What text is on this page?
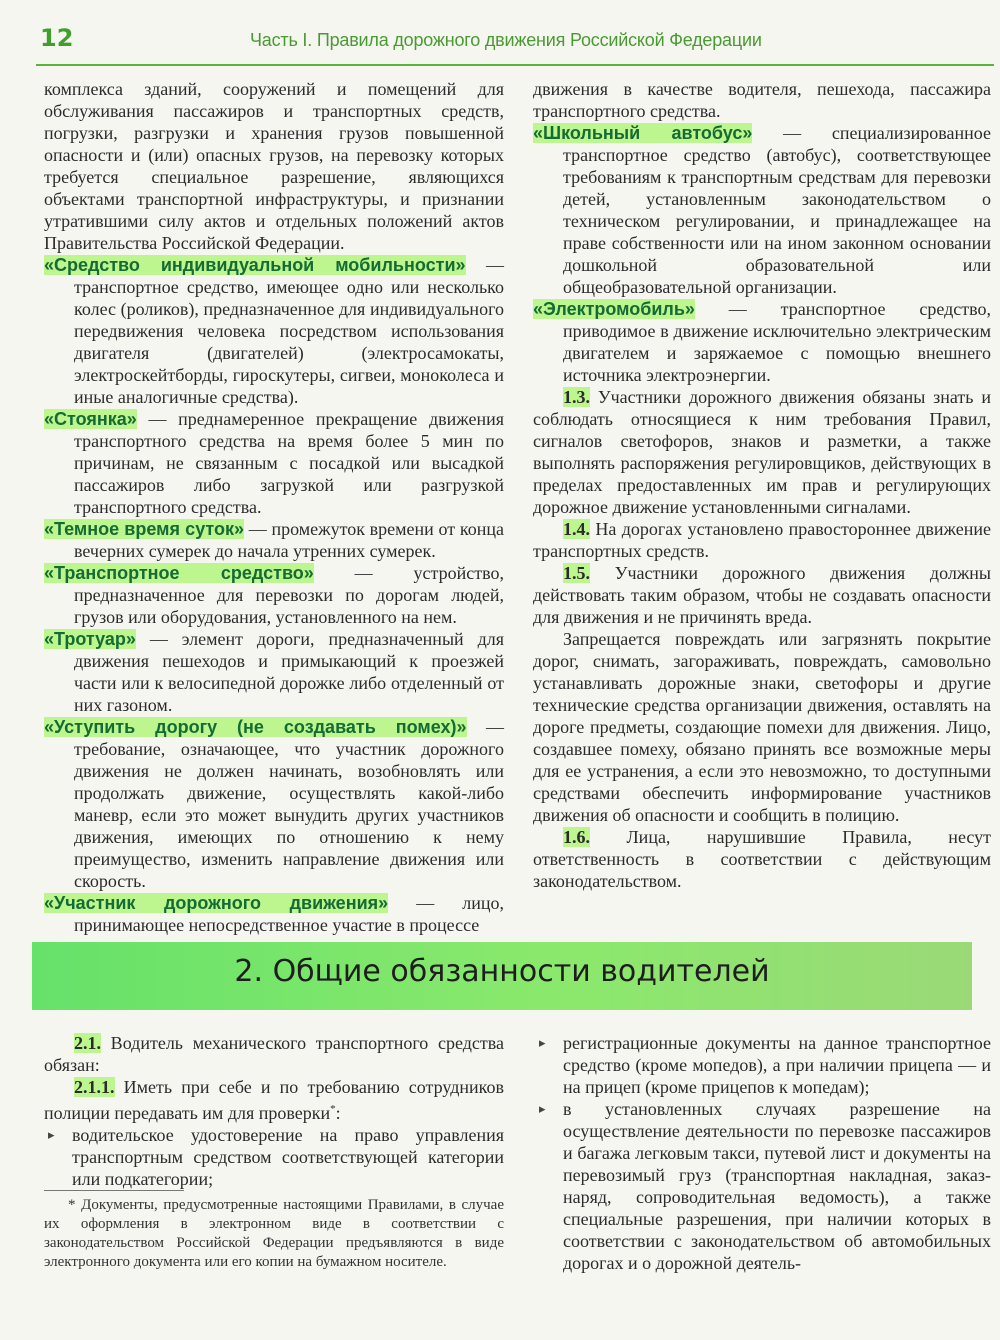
12	Часть I. Правила дорожного движения Российской Федерации

комплекса зданий, сооружений и помещений для обслуживания пассажиров и транспортных средств, погрузки, разгрузки и хранения грузов повышенной опасности и (или) опасных грузов, на перевозку которых требуется специальное разрешение, являющихся объектами транспортной инфраструктуры, и признании утратившими силу актов и отдельных положений актов Правительства Российской Федерации.

«Средство индивидуальной мобильности» — транспортное средство, имеющее одно или несколько колес (роликов), предназначенное для индивидуального передвижения человека посредством использования двигателя (двигателей) (электросамокаты, электроскейтборды, гироскутеры, сигвеи, моноколеса и иные аналогичные средства).

«Стоянка» — преднамеренное прекращение движения транспортного средства на время более 5 мин по причинам, не связанным с посадкой или высадкой пассажиров либо загрузкой или разгрузкой транспортного средства.

«Темное время суток» — промежуток времени от конца вечерних сумерек до начала утренних сумерек.

«Транспортное средство» — устройство, предназначенное для перевозки по дорогам людей, грузов или оборудования, установленного на нем.

«Тротуар» — элемент дороги, предназначенный для движения пешеходов и примыкающий к проезжей части или к велосипедной дорожке либо отделенный от них газоном.

«Уступить дорогу (не создавать помех)» — требование, означающее, что участник дорожного движения не должен начинать, возобновлять или продолжать движение, осуществлять какой-либо маневр, если это может вынудить других участников движения, имеющих по отношению к нему преимущество, изменить направление движения или скорость.

«Участник дорожного движения» — лицо, принимающее непосредственное участие в процессе

движения в качестве водителя, пешехода, пассажира транспортного средства.

«Школьный автобус» — специализированное транспортное средство (автобус), соответствующее требованиям к транспортным средствам для перевозки детей, установленным законодательством о техническом регулировании, и принадлежащее на праве собственности или на ином законном основании дошкольной образовательной или общеобразовательной организации.

«Электромобиль» — транспортное средство, приводимое в движение исключительно электрическим двигателем и заряжаемое с помощью внешнего источника электроэнергии.

1.3. Участники дорожного движения обязаны знать и соблюдать относящиеся к ним требования Правил, сигналов светофоров, знаков и разметки, а также выполнять распоряжения регулировщиков, действующих в пределах предоставленных им прав и регулирующих дорожное движение установленными сигналами.

1.4. На дорогах установлено правостороннее движение транспортных средств.

1.5. Участники дорожного движения должны действовать таким образом, чтобы не создавать опасности для движения и не причинять вреда.

Запрещается повреждать или загрязнять покрытие дорог, снимать, загораживать, повреждать, самовольно устанавливать дорожные знаки, светофоры и другие технические средства организации движения, оставлять на дороге предметы, создающие помехи для движения. Лицо, создавшее помеху, обязано принять все возможные меры для ее устранения, а если это невозможно, то доступными средствами обеспечить информирование участников движения об опасности и сообщить в полицию.

1.6. Лица, нарушившие Правила, несут ответственность в соответствии с действующим законодательством.

2. Общие обязанности водителей

2.1. Водитель механического транспортного средства обязан:

2.1.1. Иметь при себе и по требованию сотрудников полиции передавать им для проверки*:

▸ водительское удостоверение на право управления транспортным средством соответствующей категории или подкатегории;

* Документы, предусмотренные настоящими Правилами, в случае их оформления в электронном виде в соответствии с законодательством Российской Федерации предъявляются в виде электронного документа или его копии на бумажном носителе.

▸ регистрационные документы на данное транспортное средство (кроме мопедов), а при наличии прицепа — и на прицеп (кроме прицепов к мопедам);

▸ в установленных случаях разрешение на осуществление деятельности по перевозке пассажиров и багажа легковым такси, путевой лист и документы на перевозимый груз (транспортная накладная, заказ-наряд, сопроводительная ведомость), а также специальные разрешения, при наличии которых в соответствии с законодательством об автомобильных дорогах и о дорожной деятель-
